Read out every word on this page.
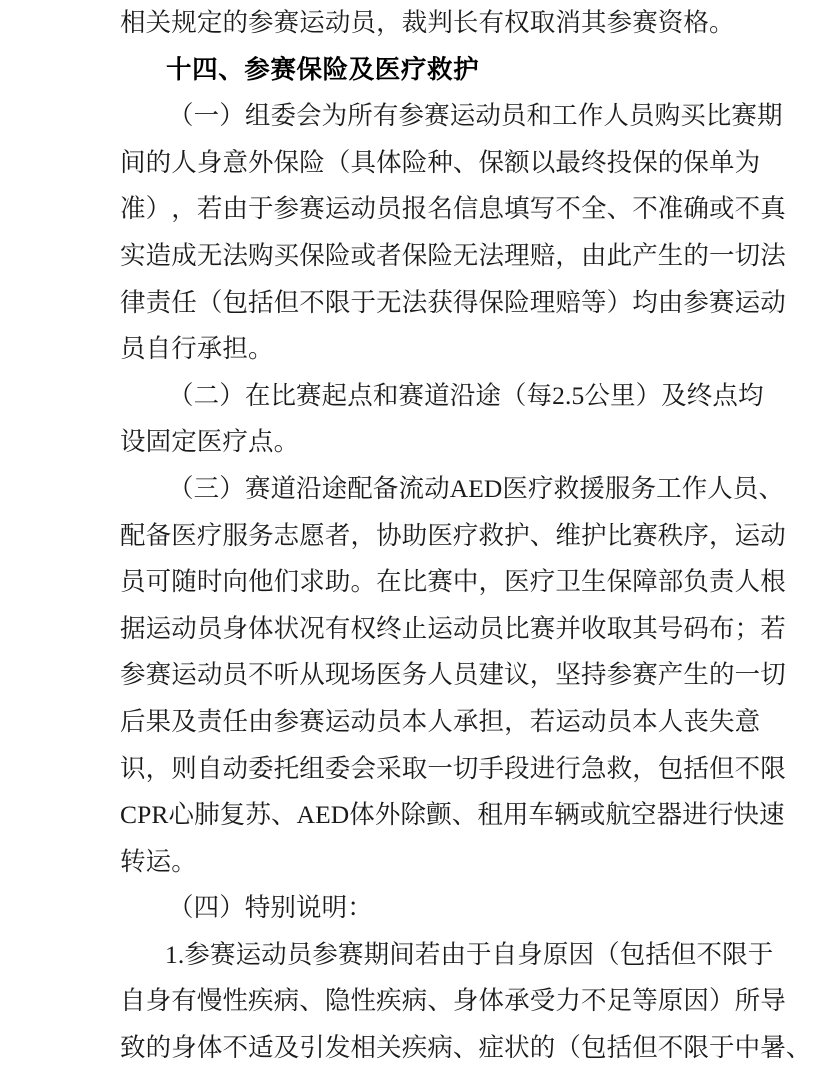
相 关 规 定 的 参 赛 运 动 员 ， 裁 判 长 有 权 取 消 其 参 赛 资 格 。
十四、参赛保险及医疗救护
（ 一 ） 组 委 会 为 所 有 参 赛 运 动 员 和 工 作 人 员 购 买 比 赛 期
间 的 人 身 意 外 保 险 （ 具 体 险 种 、 保 额 以 最 终 投 保 的 保 单 为
准 ） ， 若 由 于 参 赛 运 动 员 报 名 信 息 填 写 不 全 、 不 准 确 或 不 真
实 造 成 无 法 购 买 保 险 或 者 保 险 无 法 理 赔 ， 由 此 产 生 的 一 切 法
律 责 任 （ 包 括 但 不 限 于 无 法 获 得 保 险 理 赔 等 ） 均 由 参 赛 运 动
员自行承担。
（ 二 ） 在 比 赛 起 点 和 赛 道 沿 途 （ 每 2 . 5 公 里 ） 及 终 点 均
设固定医疗点。
（ 三 ） 赛 道 沿 途 配 备 流 动 A E D 医 疗 救 援 服 务 工 作 人 员 、
配 备 医 疗 服 务 志 愿 者 ， 协 助 医 疗 救 护 、 维 护 比 赛 秩 序 ， 运 动
员 可 随 时 向 他 们 求 助 。 在 比 赛 中 ， 医 疗 卫 生 保 障 部 负 责 人 根
据 运 动 员 身 体 状 况 有 权 终 止 运 动 员 比 赛 并 收 取 其 号 码 布 ； 若
参 赛 运 动 员 不 听 从 现 场 医 务 人 员 建 议 ， 坚 持 参 赛 产 生 的 一 切
后 果 及 责 任 由 参 赛 运 动 员 本 人 承 担 ， 若 运 动 员 本 人 丧 失 意
识 ， 则 自 动 委 托 组 委 会 采 取 一 切 手 段 进 行 急 救 ， 包 括 但 不 限
C P R 心 肺 复 苏 、 A E D 体 外 除 颤 、 租 用 车 辆 或 航 空 器 进 行 快 速
转运。
（四）特别说明：
1 . 参 赛 运 动 员 参 赛 期 间 若 由 于 自 身 原 因 （ 包 括 但 不 限 于
自 身 有 慢 性 疾 病 、 隐 性 疾 病 、 身 体 承 受 力 不 足 等 原 因 ） 所 导
致 的 身 体 不 适 及 引 发 相 关 疾 病 、 症 状 的 （ 包 括 但 不 限 于 中 暑 、
